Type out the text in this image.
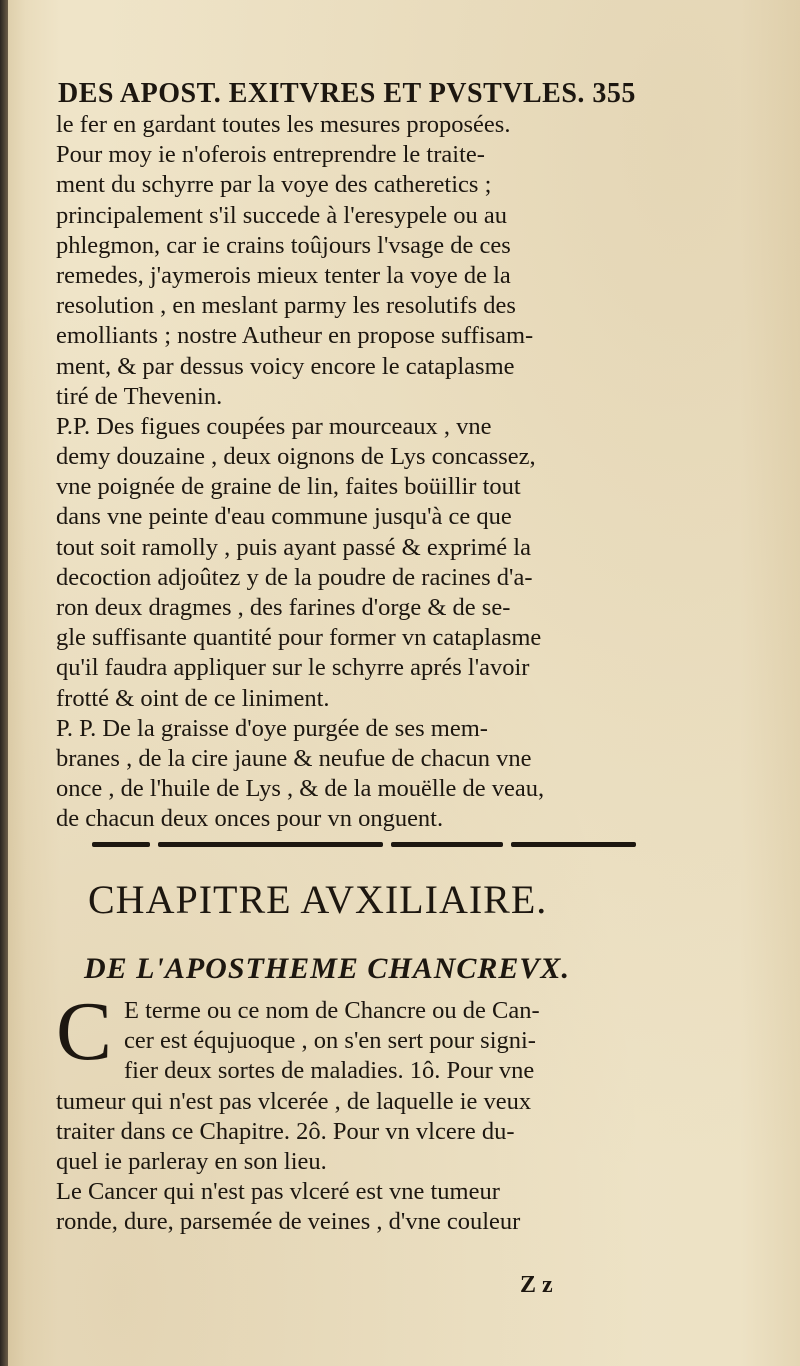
DES APOST. EXITVRES ET PVSTVLES. 355
le fer en gardant toutes les mesures proposées.
Pour moy ie n'oferois entreprendre le traite-
ment du schyrre par la voye des catheretics ;
principalement s'il succede à l'eresypele ou au
phlegmon, car ie crains toûjours l'vsage de ces
remedes, j'aymerois mieux tenter la voye de la
resolution , en meslant parmy les resolutifs des
emolliants ; nostre Autheur en propose suffisam-
ment, & par dessus voicy encore le cataplasme
tiré de Thevenin.
P.P. Des figues coupées par mourceaux , vne
demy douzaine , deux oignons de Lys concassez,
vne poignée de graine de lin, faites boüillir tout
dans vne peinte d'eau commune jusqu'à ce que
tout soit ramolly , puis ayant passé & exprimé la
decoction adjoûtez y de la poudre de racines d'a-
ron deux dragmes , des farines d'orge & de se-
gle suffisante quantité pour former vn cataplasme
qu'il faudra appliquer sur le schyrre aprés l'avoir
frotté & oint de ce liniment.
P. P. De la graisse d'oye purgée de ses mem-
branes , de la cire jaune & neufue de chacun vne
once , de l'huile de Lys , & de la mouëlle de veau,
de chacun deux onces pour vn onguent.
CHAPITRE AVXILIAIRE.
DE L'APOSTHEME CHANCREVX.
C E terme ou ce nom de Chancre ou de Can-
cer est équjuoque , on s'en sert pour signi-
fier deux sortes de maladies. 1ô. Pour vne
tumeur qui n'est pas vlcerée , de laquelle ie veux
traiter dans ce Chapitre. 2ô. Pour vn vlcere du-
quel ie parleray en son lieu.
Le Cancer qui n'est pas vlceré est vne tumeur
ronde, dure, parsemée de veines , d'vne couleur
Z z
